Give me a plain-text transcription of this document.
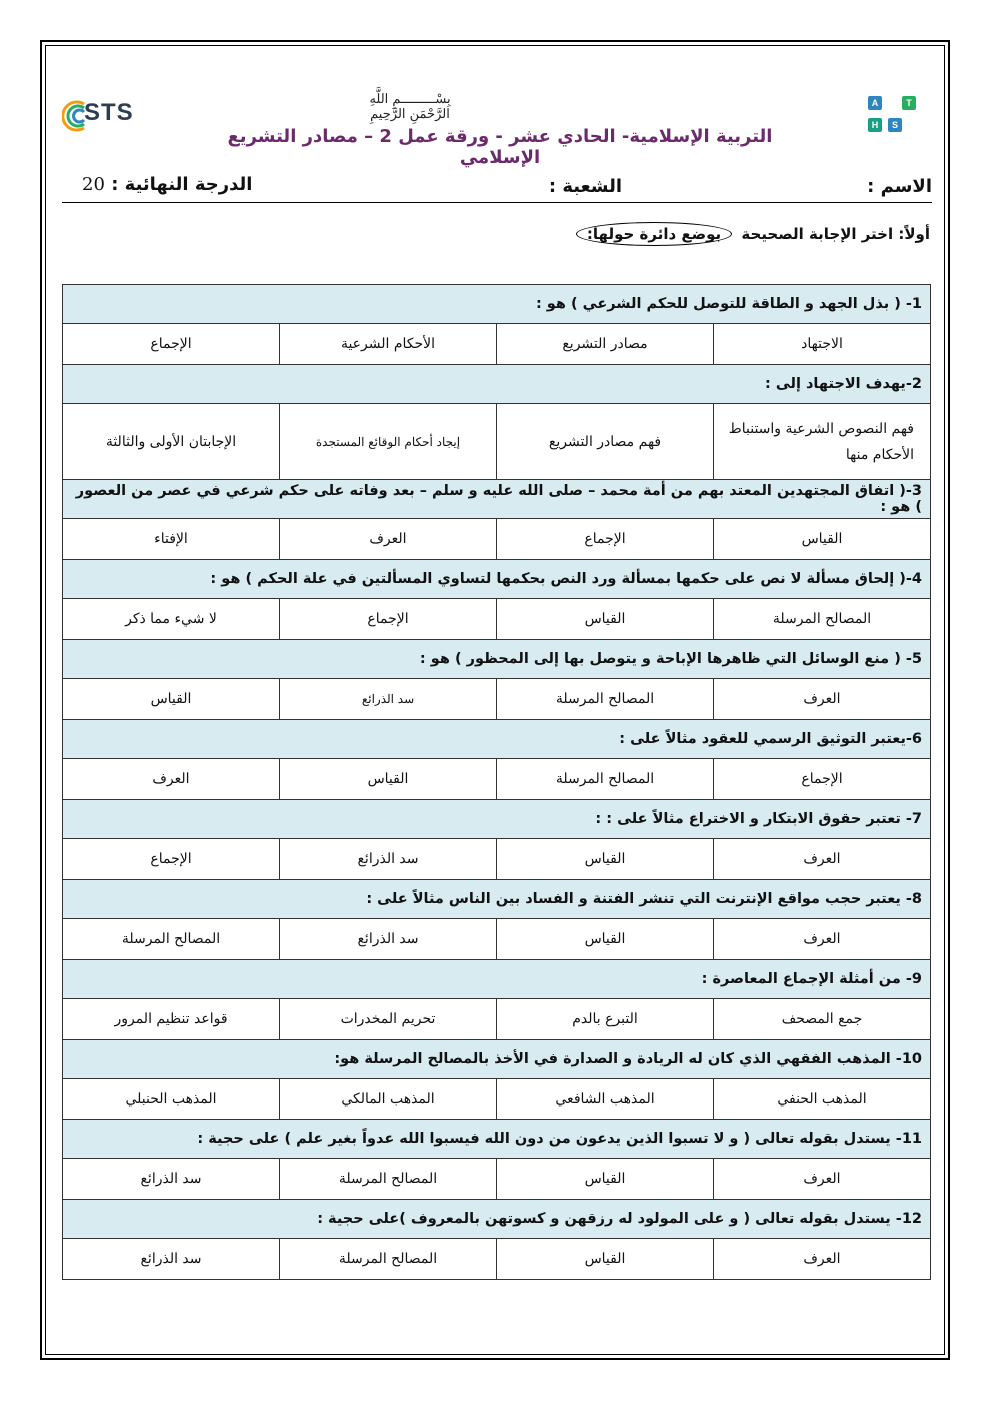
بِسْـــــــــمِ اللَّهِ الرَّحْمَنِ الرَّحِيمِ
STS	A	T
H	S
التربية الإسلامية- الحادي عشر - ورقة عمل 2 – مصادر التشريع الإسلامي
الاسم :
الشعبة :
الدرجة النهائية : 20
أولاً: اختر الإجابة الصحيحة بوضع دائرة حولها:
1- ( بذل الجهد و الطاقة للتوصل للحكم الشرعي ) هو :			
الاجتهاد	مصادر التشريع	الأحكام الشرعية	الإجماع
2-يهدف الاجتهاد إلى :			
فهم النصوص الشرعية واستنباط الأحكام منها	فهم مصادر التشريع	إيجاد أحكام الوقائع المستجدة	الإجابتان الأولى والثالثة
3-( اتفاق المجتهدين المعتد بهم من أمة محمد – صلى الله عليه و سلم – بعد وفاته على حكم شرعي في عصر من العصور ) هو :			
القياس	الإجماع	العرف	الإفتاء
4-( إلحاق مسألة لا نص على حكمها بمسألة ورد النص بحكمها لتساوي المسألتين في علة الحكم ) هو :			
المصالح المرسلة	القياس	الإجماع	لا شيء مما ذكر
5- ( منع الوسائل التي ظاهرها الإباحة و يتوصل بها إلى المحظور ) هو :			
العرف	المصالح المرسلة	سد الذرائع	القياس
6-يعتبر التوثيق الرسمي للعقود مثالاً على :			
الإجماع	المصالح المرسلة	القياس	العرف
7- تعتبر حقوق الابتكار و الاختراع مثالاً على : :			
العرف	القياس	سد الذرائع	الإجماع
8- يعتبر حجب مواقع الإنترنت التي تنشر الفتنة و الفساد بين الناس مثالاً على :			
العرف	القياس	سد الذرائع	المصالح المرسلة
9- من أمثلة الإجماع المعاصرة :			
جمع المصحف	التبرع بالدم	تحريم المخدرات	قواعد تنظيم المرور
10- المذهب الفقهي الذي كان له الريادة و الصدارة في الأخذ بالمصالح المرسلة هو:			
المذهب الحنفي	المذهب الشافعي	المذهب المالكي	المذهب الحنبلي
11- يستدل بقوله تعالى ( و لا تسبوا الذين يدعون من دون الله فيسبوا الله عدواً بغير علم ) على حجية :			
العرف	القياس	المصالح المرسلة	سد الذرائع
12- يستدل بقوله تعالى ( و على المولود له رزقهن و كسوتهن بالمعروف )على حجية :			
العرف	القياس	المصالح المرسلة	سد الذرائع
